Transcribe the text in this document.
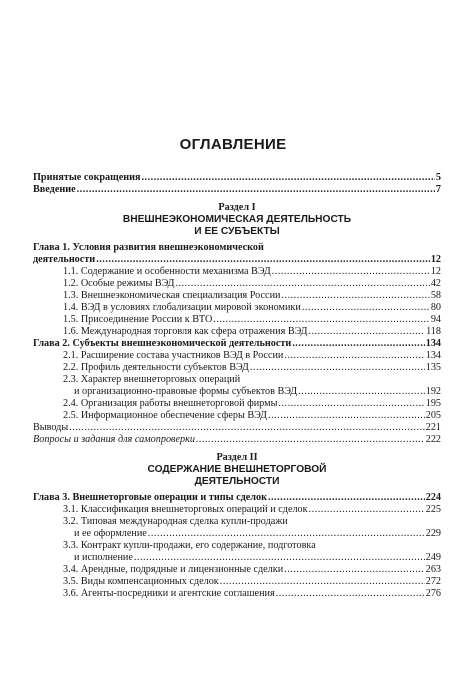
ОГЛАВЛЕНИЕ
Принятые сокращения .....	5
Введение .....	7
Раздел I
ВНЕШНЕЭКОНОМИЧЕСКАЯ ДЕЯТЕЛЬНОСТЬ
И ЕЕ СУБЪЕКТЫ
Глава 1. Условия развития внешнеэкономической
деятельности .....	12
1.1. Содержание и особенности механизма ВЭД .....	12
1.2. Особые режимы ВЭД .....	42
1.3. Внешнеэкономическая специализация России .....	58
1.4. ВЭД в условиях глобализации мировой экономики .....	80
1.5. Присоединение России к ВТО .....	94
1.6. Международная торговля как сфера отражения ВЭД .....	118
Глава 2. Субъекты внешнеэкономической деятельности .....	134
2.1. Расширение состава участников ВЭД в России .....	134
2.2. Профиль деятельности субъектов ВЭД .....	135
2.3. Характер внешнеторговых операций
и организационно-правовые формы субъектов ВЭД .....	192
2.4. Организация работы внешнеторговой фирмы .....	195
2.5. Информационное обеспечение сферы ВЭД .....	205
Выводы .....	221
Вопросы и задания для самопроверки .....	222
Раздел II
СОДЕРЖАНИЕ ВНЕШНЕТОРГОВОЙ
ДЕЯТЕЛЬНОСТИ
Глава 3. Внешнеторговые операции и типы сделок .....	224
3.1. Классификация внешнеторговых операций и сделок .....	225
3.2. Типовая международная сделка купли-продажи
и ее оформление .....	229
3.3. Контракт купли-продажи, его содержание, подготовка
и исполнение .....	249
3.4. Арендные, подрядные и лицензионные сделки .....	263
3.5. Виды компенсационных сделок .....	272
3.6. Агенты-посредники и агентские соглашения .....	276
